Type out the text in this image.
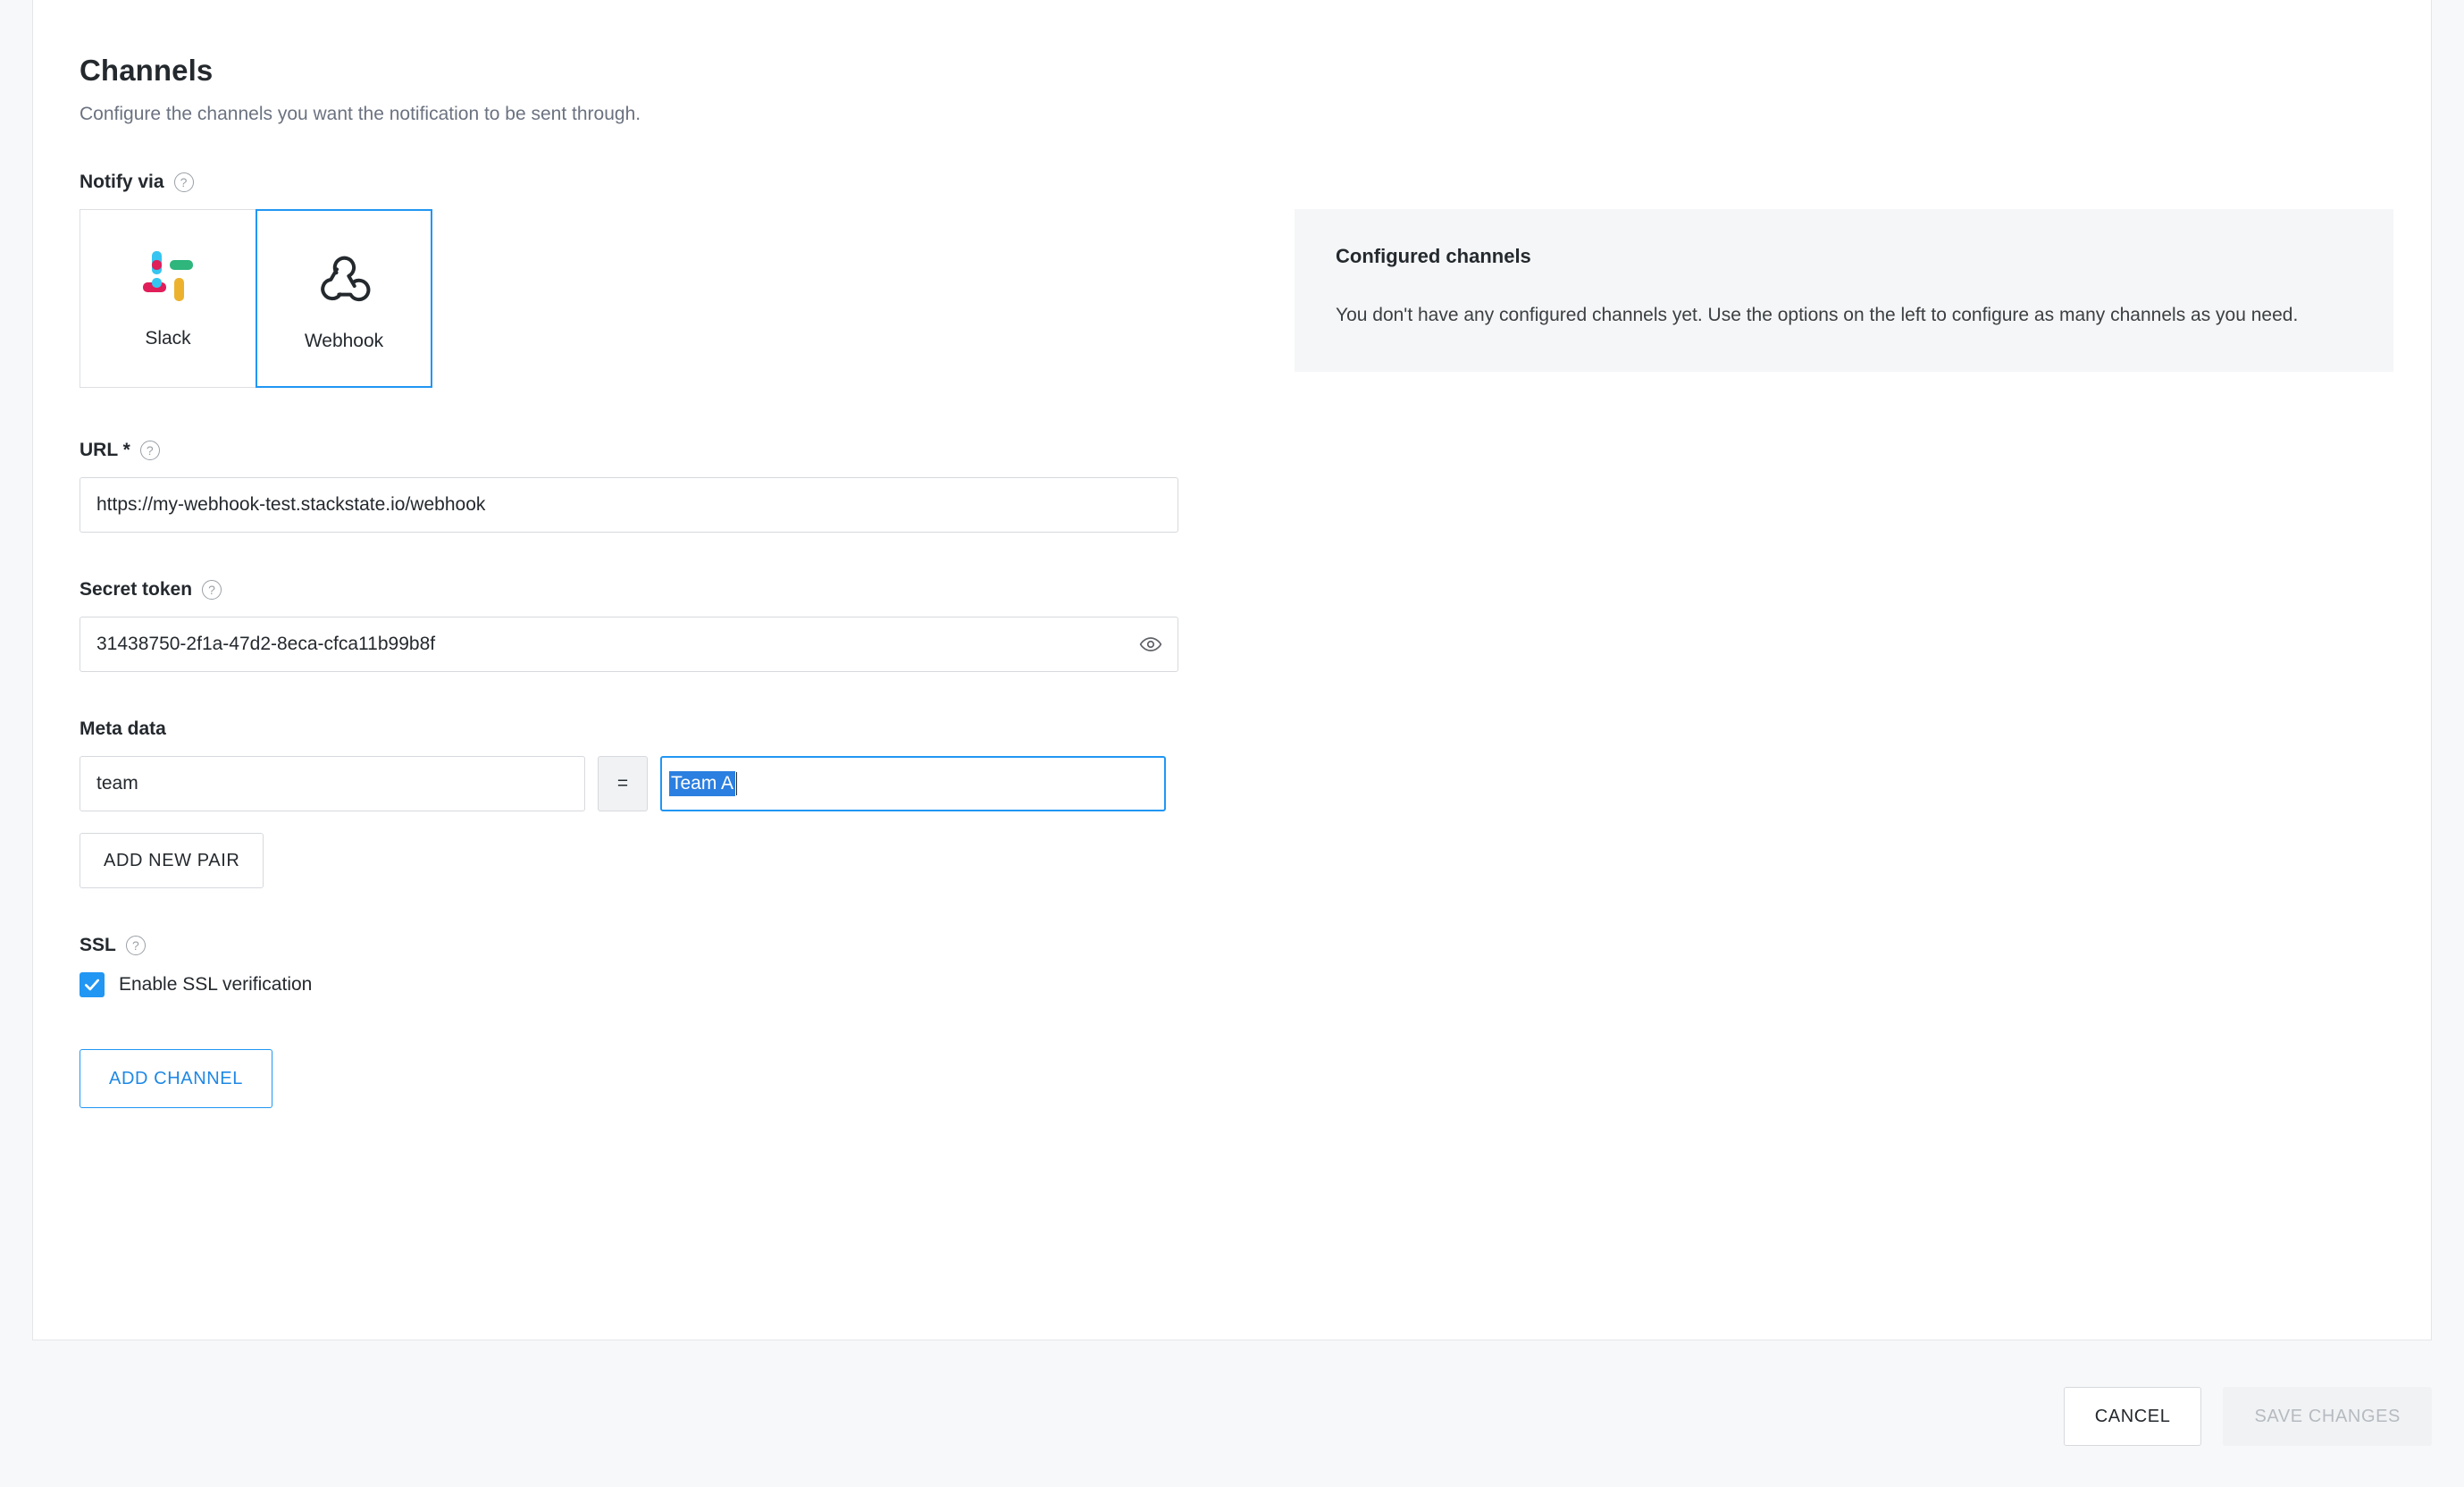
Channels

Configure the channels you want the notification to be sent through.

Notify via	?
Slack	Webhook
URL *	?
https://my-webhook-test.stackstate.io/webhook
Secret token	?
31438750-2f1a-47d2-8eca-cfca11b99b8f
Meta data
team	=	Team A
ADD NEW PAIR
SSL	?
Enable SSL verification
ADD CHANNEL
Configured channels

You don't have any configured channels yet. Use the options on the left to configure as many channels as you need.

CANCEL	SAVE CHANGES
